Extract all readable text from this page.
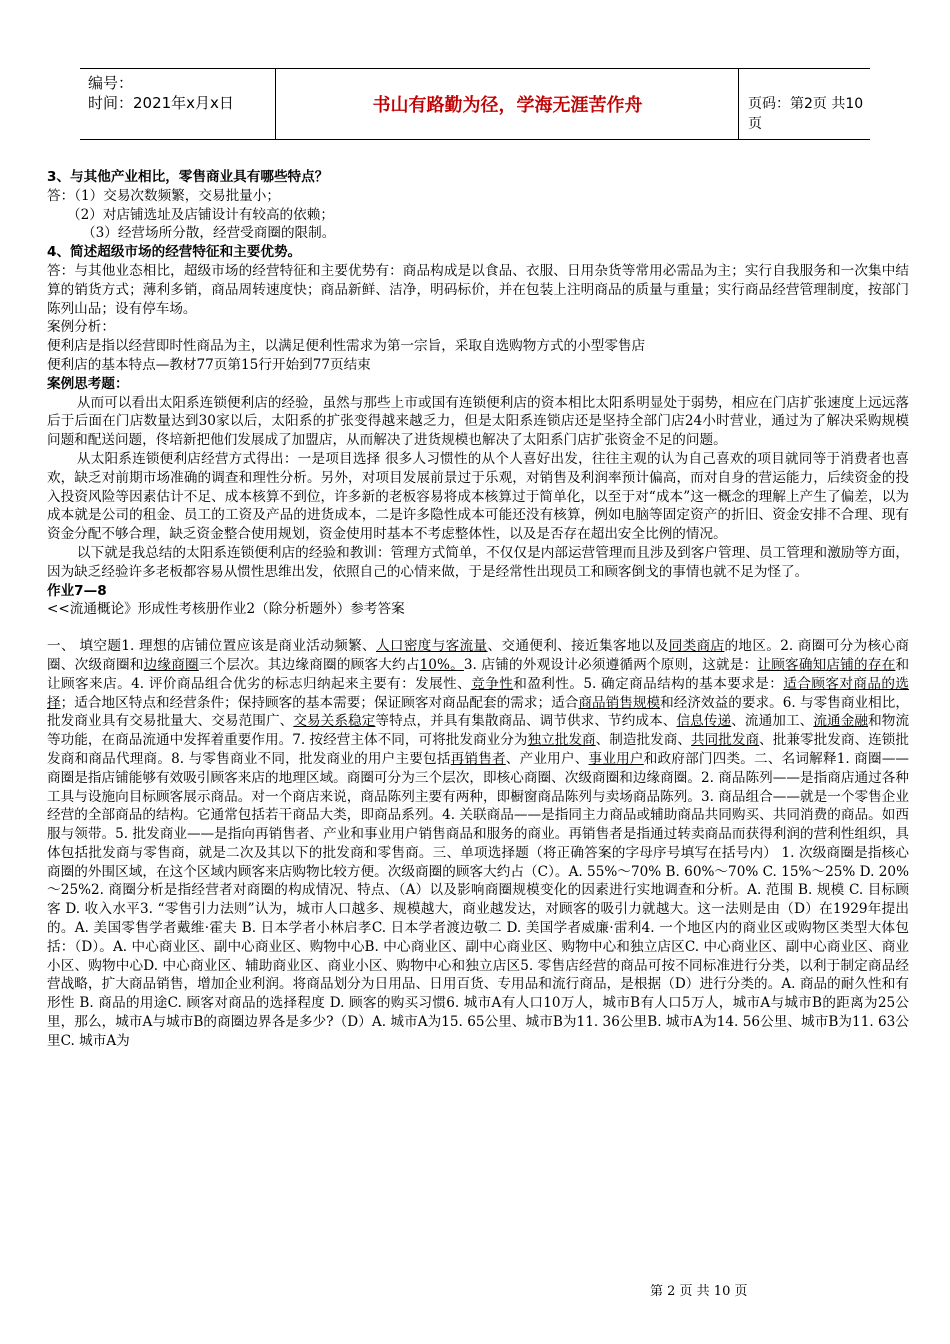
编号：
时间：2021年x月x日	书山有路勤为径，学海无涯苦作舟	页码：第2页 共10页

3、与其他产业相比，零售商业具有哪些特点？

答：（1）交易次数频繁，交易批量小；

（2）对店铺选址及店铺设计有较高的依赖；

（3）经营场所分散，经营受商圈的限制。

4、简述超级市场的经营特征和主要优势。

答：与其他业态相比，超级市场的经营特征和主要优势有：商品构成是以食品、衣服、日用杂货等常用必需品为主；实行自我服务和一次集中结算的销货方式；薄利多销，商品周转速度快；商品新鲜、洁净，明码标价，并在包装上注明商品的质量与重量；实行商品经营管理制度，按部门陈列山品；设有停车场。

案例分析：

便利店是指以经营即时性商品为主，以满足便利性需求为第一宗旨，采取自选购物方式的小型零售店

便利店的基本特点—教材77页第15行开始到77页结束

案例思考题：

从而可以看出太阳系连锁便利店的经验，虽然与那些上市或国有连锁便利店的资本相比太阳系明显处于弱势，相应在门店扩张速度上远远落后于后面在门店数量达到30家以后，太阳系的扩张变得越来越乏力，但是太阳系连锁店还是坚持全部门店24小时营业，通过为了解决采购规模问题和配送问题，佟培新把他们发展成了加盟店，从而解决了进货规模也解决了太阳系门店扩张资金不足的问题。

从太阳系连锁便利店经营方式得出：一是项目选择 很多人习惯性的从个人喜好出发，往往主观的认为自己喜欢的项目就同等于消费者也喜欢，缺乏对前期市场准确的调查和理性分析。另外，对项目发展前景过于乐观，对销售及利润率预计偏高，而对自身的营运能力，后续资金的投入投资风险等因素估计不足、成本核算不到位，许多新的老板容易将成本核算过于简单化，以至于对“成本”这一概念的理解上产生了偏差，以为成本就是公司的租金、员工的工资及产品的进货成本，二是许多隐性成本可能还没有核算，例如电脑等固定资产的折旧、资金安排不合理、现有资金分配不够合理，缺乏资金整合使用规划，资金使用时基本不考虑整体性，以及是否存在超出安全比例的情况。

以下就是我总结的太阳系连锁便利店的经验和教训：管理方式简单，不仅仅是内部运营管理而且涉及到客户管理、员工管理和激励等方面，因为缺乏经验许多老板都容易从惯性思维出发，依照自己的心情来做，于是经常性出现员工和顾客倒戈的事情也就不足为怪了。

作业7—8

<<流通概论》形成性考核册作业2（除分析题外）参考答案

一、 填空题1. 理想的店铺位置应该是商业活动频繁、人口密度与客流量、交通便利、接近集客地以及同类商店的地区。2. 商圈可分为核心商圈、次级商圈和边缘商圈三个层次。其边缘商圈的顾客大约占10%。3. 店铺的外观设计必须遵循两个原则，这就是：让顾客确知店铺的存在和让顾客来店。4. 评价商品组合优劣的标志归纳起来主要有：发展性、竞争性和盈利性。5. 确定商品结构的基本要求是：适合顾客对商品的选择；适合地区特点和经营条件；保持顾客的基本需要；保证顾客对商品配套的需求；适合商品销售规模和经济效益的要求。6. 与零售商业相比，批发商业具有交易批量大、交易范围广、交易关系稳定等特点，并具有集散商品、调节供求、节约成本、信息传递、流通加工、流通金融和物流等功能，在商品流通中发挥着重要作用。7. 按经营主体不同，可将批发商业分为独立批发商、制造批发商、共同批发商、批兼零批发商、连锁批发商和商品代理商。8. 与零售商业不同，批发商业的用户主要包括再销售者、产业用户、事业用户和政府部门四类。二、名词解释1. 商圈——商圈是指店铺能够有效吸引顾客来店的地理区域。商圈可分为三个层次，即核心商圈、次级商圈和边缘商圈。2. 商品陈列——是指商店通过各种工具与设施向目标顾客展示商品。对一个商店来说，商品陈列主要有两种，即橱窗商品陈列与卖场商品陈列。3. 商品组合——就是一个零售企业经营的全部商品的结构。它通常包括若干商品大类，即商品系列。4. 关联商品——是指同主力商品或辅助商品共同购买、共同消费的商品。如西服与领带。5. 批发商业——是指向再销售者、产业和事业用户销售商品和服务的商业。再销售者是指通过转卖商品而获得利润的营利性组织，具体包括批发商与零售商，就是二次及其以下的批发商和零售商。三、单项选择题（将正确答案的字母序号填写在括号内） 1. 次级商圈是指核心商圈的外围区域，在这个区域内顾客来店购物比较方便。次级商圈的顾客大约占（C）。A. 55%～70% B. 60%～70% C. 15%～25% D. 20%～25%2. 商圈分析是指经营者对商圈的构成情况、特点、（A）以及影响商圈规模变化的因素进行实地调查和分析。A. 范围 B. 规模 C. 目标顾客 D. 收入水平3. “零售引力法则”认为，城市人口越多、规模越大，商业越发达，对顾客的吸引力就越大。这一法则是由（D）在1929年提出的。A. 美国零售学者戴维·霍夫 B. 日本学者小林启孝C. 日本学者渡边敬二 D. 美国学者威廉·雷利4. 一个地区内的商业区或购物区类型大体包括：（D）。A. 中心商业区、副中心商业区、购物中心B. 中心商业区、副中心商业区、购物中心和独立店区C. 中心商业区、副中心商业区、商业小区、购物中心D. 中心商业区、辅助商业区、商业小区、购物中心和独立店区5. 零售店经营的商品可按不同标准进行分类，以利于制定商品经营战略，扩大商品销售，增加企业利润。将商品划分为日用品、日用百货、专用品和流行商品，是根据（D）进行分类的。A. 商品的耐久性和有形性 B. 商品的用途C. 顾客对商品的选择程度 D. 顾客的购买习惯6. 城市A有人口10万人，城市B有人口5万人，城市A与城市B的距离为25公里，那么，城市A与城市B的商圈边界各是多少?（D）A. 城市A为15. 65公里、城市B为11. 36公里B. 城市A为14. 56公里、城市B为11. 63公里C. 城市A为

第 2 页 共 10 页
